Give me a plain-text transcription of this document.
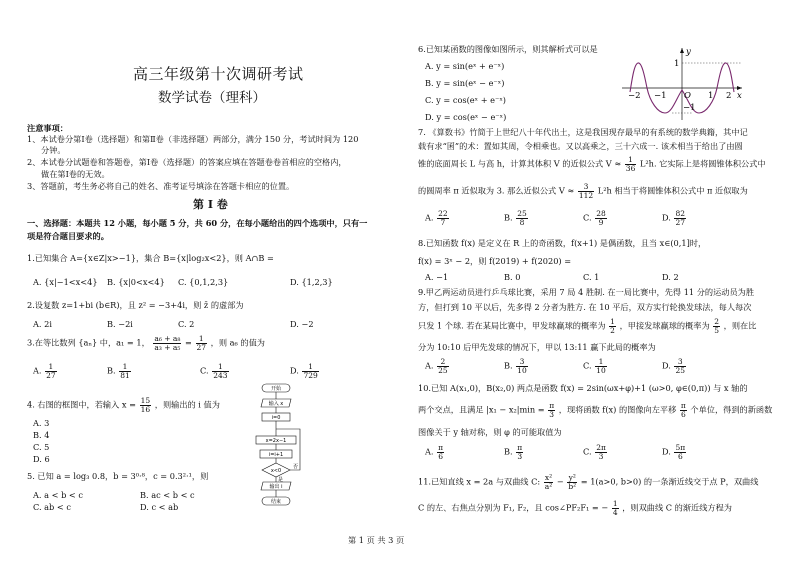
高三年级第十次调研考试
数学试卷（理科）
注意事项：
1、本试卷分第Ⅰ卷（选择题）和第Ⅱ卷（非选择题）两部分，满分 150 分，考试时间为 120
分钟。
2、本试卷分试题卷和答题卷，第Ⅰ卷（选择题）的答案应填在答题卷卷首相应的空格内，
做在第Ⅰ卷的无效。
3、答题前，考生务必将自己的姓名、准考证号填涂在答题卡相应的位置。
第 Ⅰ 卷
一、选择题：本题共 12 小题，每小题 5 分，共 60 分，在每小题给出的四个选项中，只有一
项是符合题目要求的。
1.已知集合 A={x∈Z|x>−1}，集合 B={x|log₂x<2}，则 A∩B =
A. {x|−1<x<4} B. {x|0<x<4} C. {0,1,2,3}	D. {1,2,3}
2.设复数 z=1+bi (b∈R)，且 z² = −3+4i，则 z̄ 的虚部为
A. 2i	B. −2i	C. 2	D. −2
3.在等比数列 {aₙ} 中，a₁ = 1， $\frac{\text{a₆ + a₈}}{\text{a₃ + a₅}} = \frac{1}{27}$ ，则 a₆ 的值为
A. $\frac{1}{27}$	B. $\frac{1}{81}$	C. $\frac{1}{243}$	D. $\frac{1}{729}$
4. 右图的框图中，若输入 $x = \frac{15}{16}$ ，则输出的 i 值为
A. 3
B. 4
C. 5
D. 6
5. 已知 a = log₃ 0.8，b = 3⁰·⁸，c = 0.3²·¹，则
A. a < b < c	B. ac < b < c
C. ab < c	D. c < ab
开始
输入 x
i=0
x=2x−1
i=i+1
x<0
否
是
输出 i
结束
6.已知某函数的图像如图所示，则其解析式可以是
A. y = sin(eˣ + e⁻ˣ)
B. y = sin(eˣ − e⁻ˣ)
C. y = cos(eˣ + e⁻ˣ)
D. y = cos(eˣ − e⁻ˣ)
−2 −1 O 1 2
1
−1
x
y
7. 《算数书》竹简于上世纪八十年代出土，这是我国现存最早的有系统的数学典籍，其中记
载有求“囷”的术：置如其周，令相乘也。又以高乘之，三十六成一. 该术相当于给出了由圆
锥的底面周长 L 与高 h，计算其体积 V 的近似公式 $V \approx \frac{1}{36} L^2h$. 它实际上是将圆锥体积公式中
的圆周率 π 近似取为 3. 那么近似公式 $V \approx \frac{3}{112} L^2h$ 相当于将圆锥体积公式中 π 近似取为
A. $\frac{22}{7}$	B. $\frac{25}{8}$	C. $\frac{28}{9}$	D. $\frac{82}{27}$
8.已知函数 f(x) 是定义在 R 上的奇函数，f(x+1) 是偶函数，且当 x∈(0,1]时，
f(x) = 3ˣ − 2，则 f(2019) + f(2020) =
A. −1	B. 0	C. 1	D. 2
9.甲乙两运动员进行乒乓球比赛，采用 7 局 4 胜制. 在一局比赛中，先得 11 分的运动员为胜
方，但打到 10 平以后，先多得 2 分者为胜方. 在 10 平后，双方实行轮换发球法，每人每次
只发 1 个球. 若在某局比赛中，甲发球赢球的概率为 $\frac{1}{2}$ ，甲接发球赢球的概率为 $\frac{2}{5}$ ，则在比
分为 10:10 后甲先发球的情况下，甲以 13:11 赢下此局的概率为
A. $\frac{2}{25}$	B. $\frac{3}{10}$	C. $\frac{1}{10}$	D. $\frac{3}{25}$
10.已知 A(x₁,0)，B(x₂,0) 两点是函数 f(x) = 2sin(ωx+φ)+1 (ω>0, φ∈(0,π)) 与 x 轴的
两个交点，且满足 $|x_1 - x_2|\min = \frac{\pi}{3}$ ，现将函数 f(x) 的图像向左平移 $\frac{\pi}{6}$ 个单位，得到的新函数
图像关于 y 轴对称，则 φ 的可能取值为
A. $\frac{\pi}{6}$	B. $\frac{\pi}{3}$	C. $\frac{2\pi}{3}$	D. $\frac{5\pi}{6}$
11.已知直线 x = 2a 与双曲线 C: $\frac{\text{x²}}{\text{a²}} - \frac{\text{y²}}{\text{b²}} = 1(a>0$, b>0) 的一条渐近线交于点 P，双曲线
C 的左、右焦点分别为 F₁, F₂，且 cos∠PF₂F₁ = − $\frac{1}{4}$ ，则双曲线 C 的渐近线方程为
第 1 页 共 3 页
